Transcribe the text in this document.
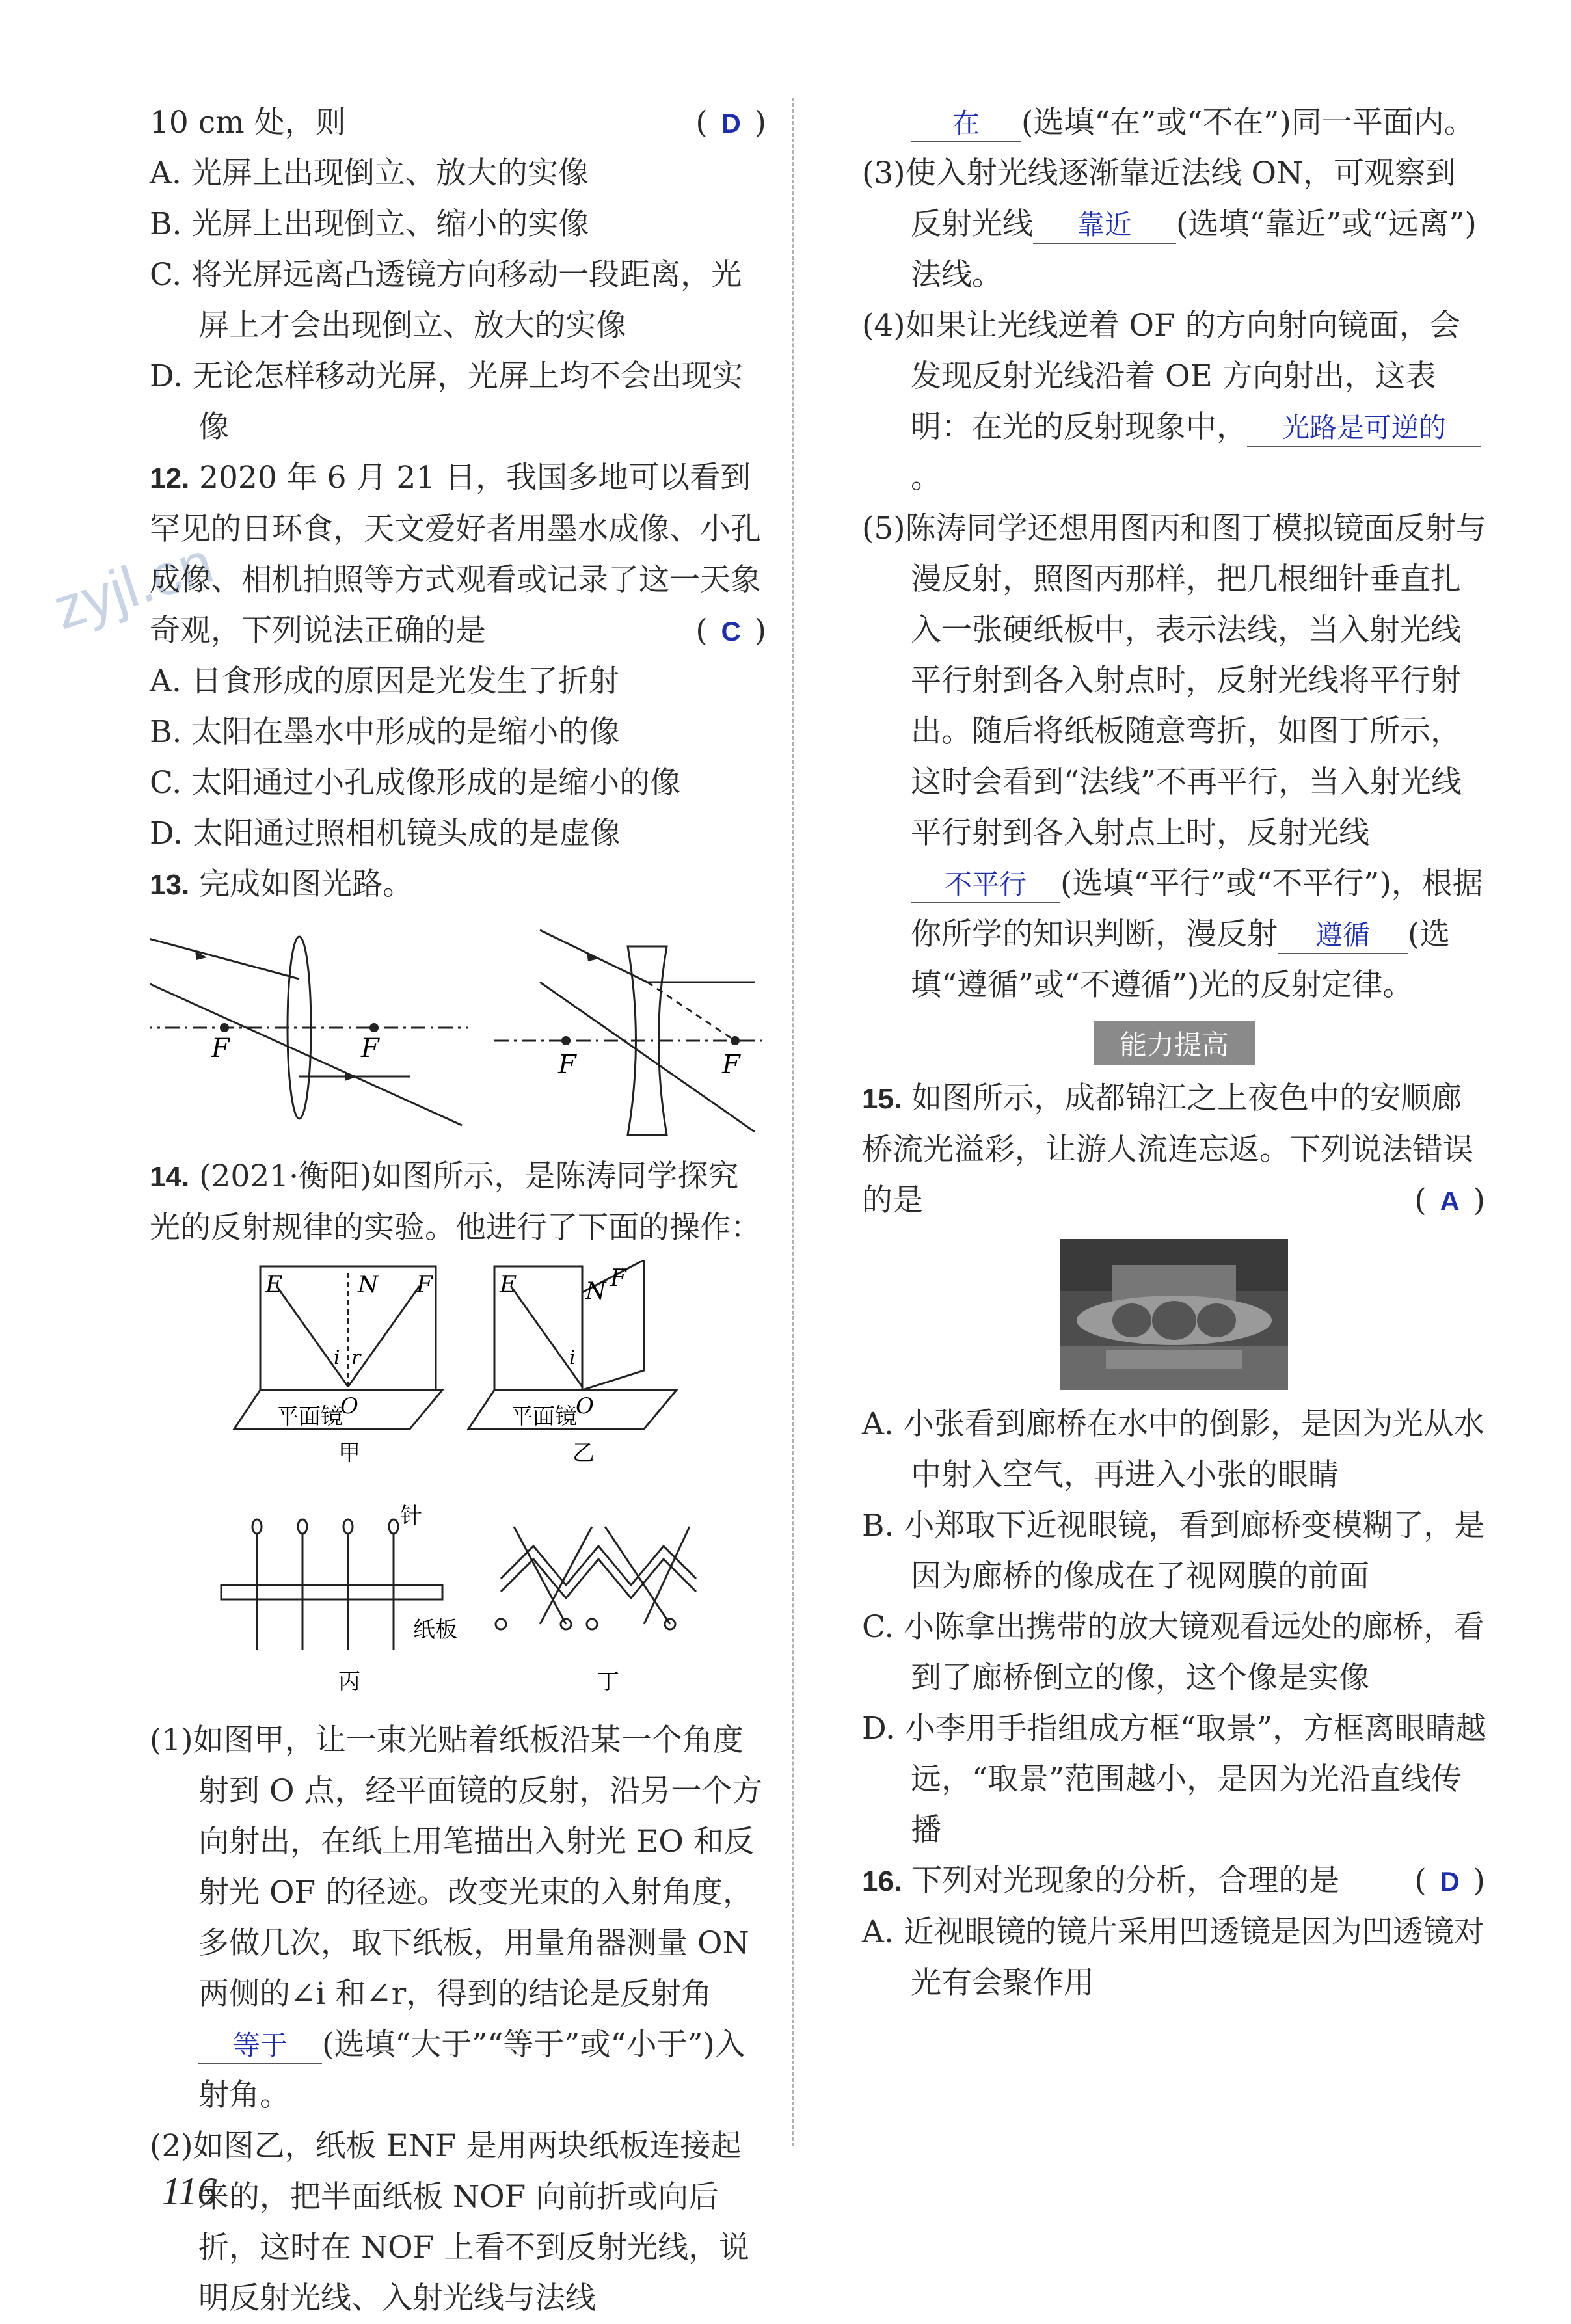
zyjl.cn

10 cm 处，则	( D )

A. 光屏上出现倒立、放大的实像

B. 光屏上出现倒立、缩小的实像

C. 将光屏远离凸透镜方向移动一段距离，光屏上才会出现倒立、放大的实像

D. 无论怎样移动光屏，光屏上均不会出现实像

12. 2020 年 6 月 21 日，我国多地可以看到罕见的日环食，天文爱好者用墨水成像、小孔成像、相机拍照等方式观看或记录了这一天象奇观，下列说法正确的是	( C )

A. 日食形成的原因是光发生了折射

B. 太阳在墨水中形成的是缩小的像

C. 太阳通过小孔成像形成的是缩小的像

D. 太阳通过照相机镜头成的是虚像

13. 完成如图光路。

F	F
F	F

14. (2021·衡阳)如图所示，是陈涛同学探究光的反射规律的实验。他进行了下面的操作：

E	N F
i r
O
平面镜
甲
E	N F
i
O
平面镜
乙
针
纸板
丙	丁

(1)如图甲，让一束光贴着纸板沿某一个角度射到 O 点，经平面镜的反射，沿另一个方向射出，在纸上用笔描出入射光 EO 和反射光 OF 的径迹。改变光束的入射角度，多做几次，取下纸板，用量角器测量 ON 两侧的∠i 和∠r，得到的结论是反射角等于 (选填“大于”“等于”或“小于”)入射角。

(2)如图乙，纸板 ENF 是用两块纸板连接起来的，把半面纸板 NOF 向前折或向后折，这时在 NOF 上看不到反射光线，说明反射光线、入射光线与法线

在 (选填“在”或“不在”)同一平面内。

(3)使入射光线逐渐靠近法线 ON，可观察到反射光线 靠近 (选填“靠近”或“远离”)法线。

(4)如果让光线逆着 OF 的方向射向镜面，会发现反射光线沿着 OE 方向射出，这表明：在光的反射现象中， 光路是可逆的。

(5)陈涛同学还想用图丙和图丁模拟镜面反射与漫反射，照图丙那样，把几根细针垂直扎入一张硬纸板中，表示法线，当入射光线平行射到各入射点时，反射光线将平行射出。随后将纸板随意弯折，如图丁所示，这时会看到“法线”不再平行，当入射光线平行射到各入射点上时，反射光线不平行 (选填“平行”或“不平行”)，根据你所学的知识判断，漫反射 遵循 (选填“遵循”或“不遵循”)光的反射定律。

能力提高

15. 如图所示，成都锦江之上夜色中的安顺廊桥流光溢彩，让游人流连忘返。下列说法错误的是	( A )

A. 小张看到廊桥在水中的倒影，是因为光从水中射入空气，再进入小张的眼睛

B. 小郑取下近视眼镜，看到廊桥变模糊了，是因为廊桥的像成在了视网膜的前面

C. 小陈拿出携带的放大镜观看远处的廊桥，看到了廊桥倒立的像，这个像是实像

D. 小李用手指组成方框“取景”，方框离眼睛越远，“取景”范围越小，是因为光沿直线传播

16. 下列对光现象的分析，合理的是 ( D )

A. 近视眼镜的镜片采用凹透镜是因为凹透镜对光有会聚作用

116
